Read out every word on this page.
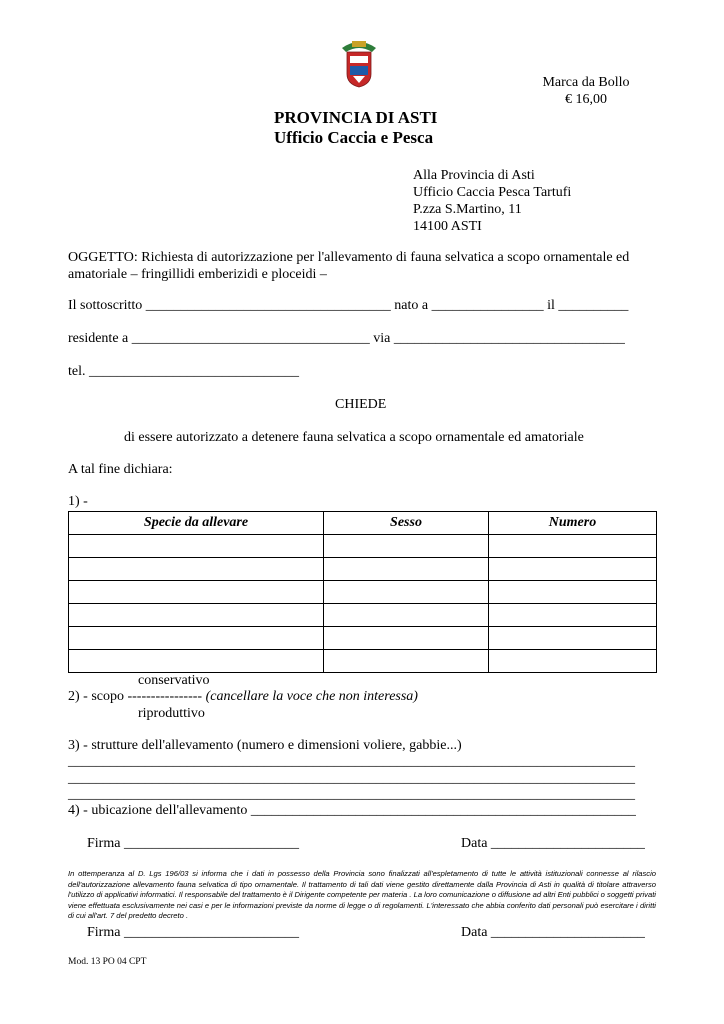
Marca da Bollo
€ 16,00
PROVINCIA DI ASTI
Ufficio Caccia e Pesca
Alla Provincia di Asti
Ufficio Caccia Pesca Tartufi
P.zza S.Martino, 11
14100 ASTI
OGGETTO: Richiesta di autorizzazione per l'allevamento di fauna selvatica a scopo ornamentale ed amatoriale – fringillidi emberizidi e ploceidi –
Il sottoscritto ___________________________________ nato a ________________ il __________
residente a __________________________________ via _________________________________
tel. ______________________________
CHIEDE
di essere autorizzato a detenere fauna selvatica a scopo ornamentale ed amatoriale
A tal fine dichiara:
1) -
Specie da allevare	Sesso	Numero

conservativo
2) - scopo ---------------- (cancellare la voce che non interessa)
riproduttivo
3) - strutture dell'allevamento (numero e dimensioni voliere, gabbie...)
_________________________________________________________________________________
_________________________________________________________________________________
_________________________________________________________________________________
4) - ubicazione dell'allevamento _______________________________________________________
Firma _________________________	Data ______________________
In ottemperanza al D. Lgs 196/03 si informa che i dati in possesso della Provincia sono finalizzati all'espletamento di tutte le attività istituzionali connesse al rilascio dell'autorizzazione allevamento fauna selvatica di tipo ornamentale. Il trattamento di tali dati viene gestito direttamente dalla Provincia di Asti in qualità di titolare attraverso l'utilizzo di applicativi informatici. Il responsabile del trattamento è il Dirigente competente per materia . La loro comunicazione o diffusione ad altri Enti pubblici o soggetti privati viene effettuata esclusivamente nei casi e per le informazioni previste da norme di legge o di regolamenti. L'interessato che abbia conferito dati personali può esercitare i diritti di cui all'art. 7 del predetto decreto .
Firma _________________________	Data ______________________
Mod. 13 PO 04 CPT
